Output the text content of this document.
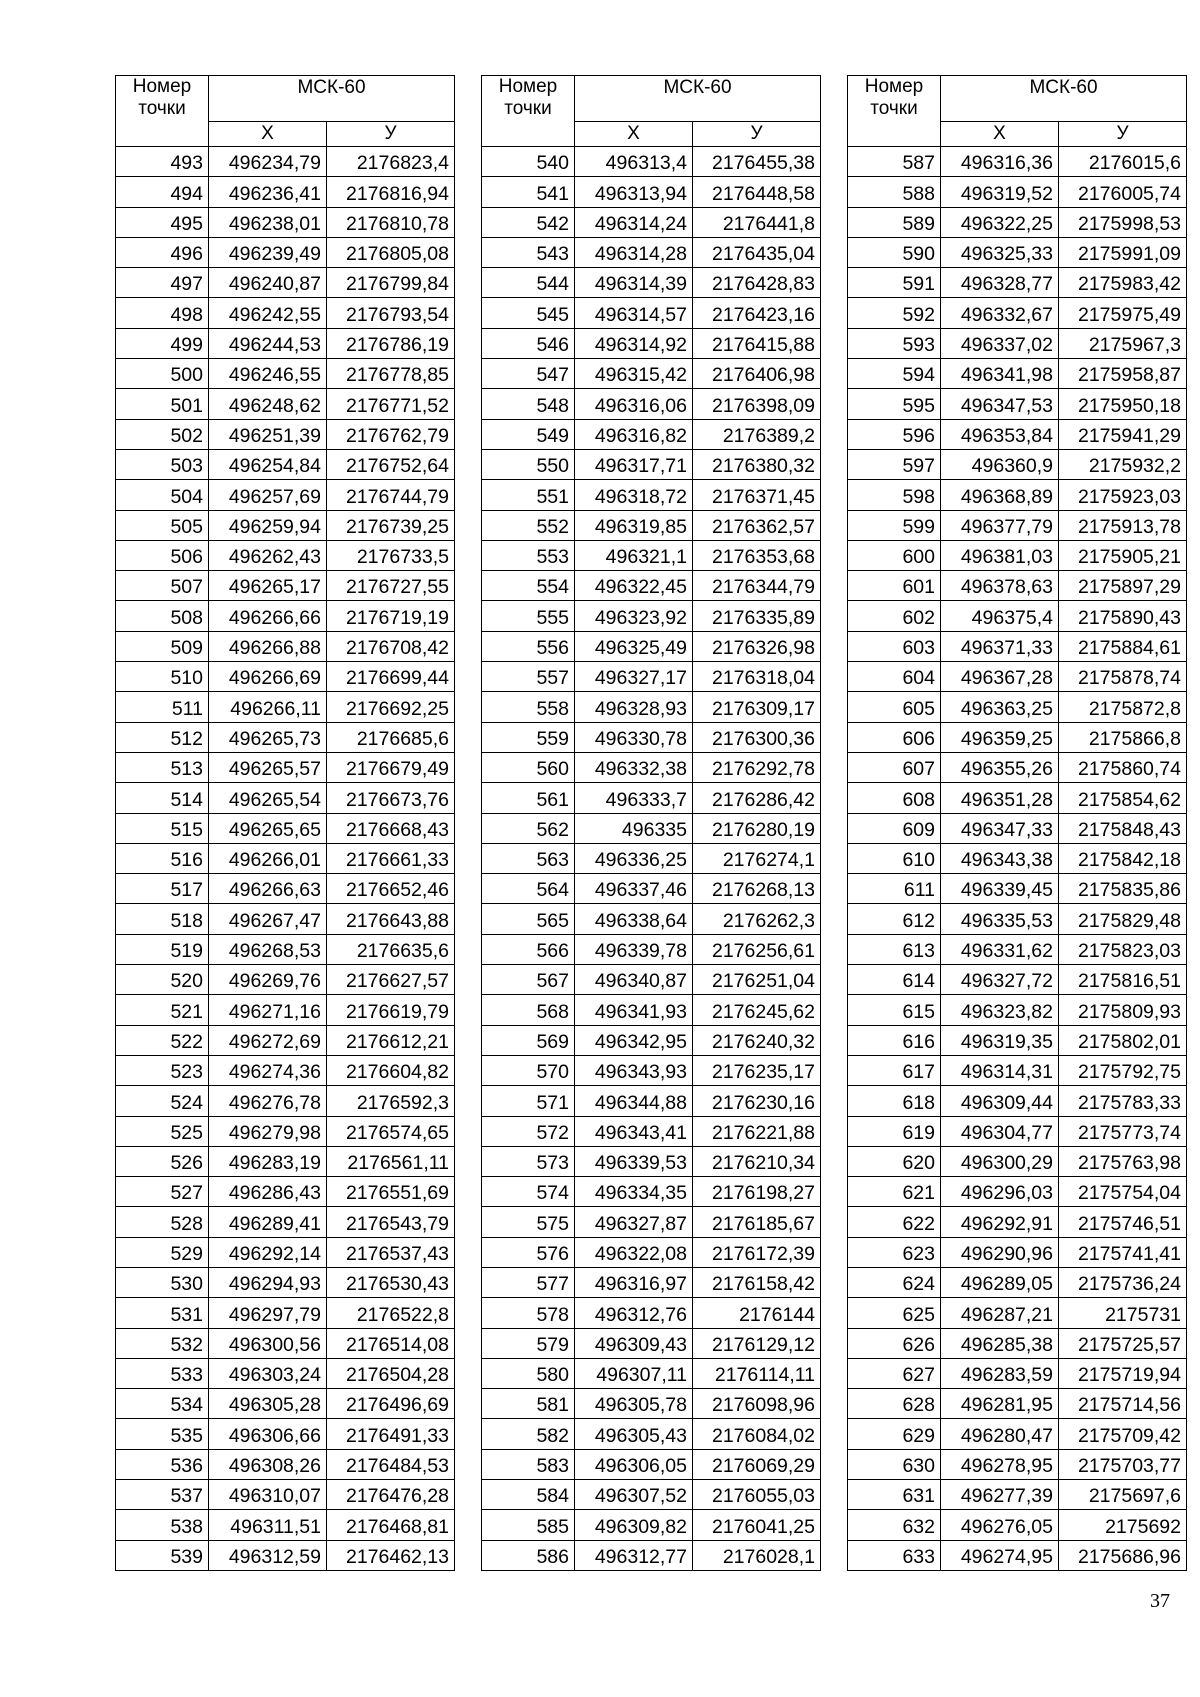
Номер
точки	МСК-60	
	Х	У
493	496234,79	2176823,4
494	496236,41	2176816,94
495	496238,01	2176810,78
496	496239,49	2176805,08
497	496240,87	2176799,84
498	496242,55	2176793,54
499	496244,53	2176786,19
500	496246,55	2176778,85
501	496248,62	2176771,52
502	496251,39	2176762,79
503	496254,84	2176752,64
504	496257,69	2176744,79
505	496259,94	2176739,25
506	496262,43	2176733,5
507	496265,17	2176727,55
508	496266,66	2176719,19
509	496266,88	2176708,42
510	496266,69	2176699,44
511	496266,11	2176692,25
512	496265,73	2176685,6
513	496265,57	2176679,49
514	496265,54	2176673,76
515	496265,65	2176668,43
516	496266,01	2176661,33
517	496266,63	2176652,46
518	496267,47	2176643,88
519	496268,53	2176635,6
520	496269,76	2176627,57
521	496271,16	2176619,79
522	496272,69	2176612,21
523	496274,36	2176604,82
524	496276,78	2176592,3
525	496279,98	2176574,65
526	496283,19	2176561,11
527	496286,43	2176551,69
528	496289,41	2176543,79
529	496292,14	2176537,43
530	496294,93	2176530,43
531	496297,79	2176522,8
532	496300,56	2176514,08
533	496303,24	2176504,28
534	496305,28	2176496,69
535	496306,66	2176491,33
536	496308,26	2176484,53
537	496310,07	2176476,28
538	496311,51	2176468,81
539	496312,59	2176462,13
Номер
точки	МСК-60	
	Х	У
540	496313,4	2176455,38
541	496313,94	2176448,58
542	496314,24	2176441,8
543	496314,28	2176435,04
544	496314,39	2176428,83
545	496314,57	2176423,16
546	496314,92	2176415,88
547	496315,42	2176406,98
548	496316,06	2176398,09
549	496316,82	2176389,2
550	496317,71	2176380,32
551	496318,72	2176371,45
552	496319,85	2176362,57
553	496321,1	2176353,68
554	496322,45	2176344,79
555	496323,92	2176335,89
556	496325,49	2176326,98
557	496327,17	2176318,04
558	496328,93	2176309,17
559	496330,78	2176300,36
560	496332,38	2176292,78
561	496333,7	2176286,42
562	496335	2176280,19
563	496336,25	2176274,1
564	496337,46	2176268,13
565	496338,64	2176262,3
566	496339,78	2176256,61
567	496340,87	2176251,04
568	496341,93	2176245,62
569	496342,95	2176240,32
570	496343,93	2176235,17
571	496344,88	2176230,16
572	496343,41	2176221,88
573	496339,53	2176210,34
574	496334,35	2176198,27
575	496327,87	2176185,67
576	496322,08	2176172,39
577	496316,97	2176158,42
578	496312,76	2176144
579	496309,43	2176129,12
580	496307,11	2176114,11
581	496305,78	2176098,96
582	496305,43	2176084,02
583	496306,05	2176069,29
584	496307,52	2176055,03
585	496309,82	2176041,25
586	496312,77	2176028,1
Номер
точки	МСК-60	
	Х	У
587	496316,36	2176015,6
588	496319,52	2176005,74
589	496322,25	2175998,53
590	496325,33	2175991,09
591	496328,77	2175983,42
592	496332,67	2175975,49
593	496337,02	2175967,3
594	496341,98	2175958,87
595	496347,53	2175950,18
596	496353,84	2175941,29
597	496360,9	2175932,2
598	496368,89	2175923,03
599	496377,79	2175913,78
600	496381,03	2175905,21
601	496378,63	2175897,29
602	496375,4	2175890,43
603	496371,33	2175884,61
604	496367,28	2175878,74
605	496363,25	2175872,8
606	496359,25	2175866,8
607	496355,26	2175860,74
608	496351,28	2175854,62
609	496347,33	2175848,43
610	496343,38	2175842,18
611	496339,45	2175835,86
612	496335,53	2175829,48
613	496331,62	2175823,03
614	496327,72	2175816,51
615	496323,82	2175809,93
616	496319,35	2175802,01
617	496314,31	2175792,75
618	496309,44	2175783,33
619	496304,77	2175773,74
620	496300,29	2175763,98
621	496296,03	2175754,04
622	496292,91	2175746,51
623	496290,96	2175741,41
624	496289,05	2175736,24
625	496287,21	2175731
626	496285,38	2175725,57
627	496283,59	2175719,94
628	496281,95	2175714,56
629	496280,47	2175709,42
630	496278,95	2175703,77
631	496277,39	2175697,6
632	496276,05	2175692
633	496274,95	2175686,96
37
